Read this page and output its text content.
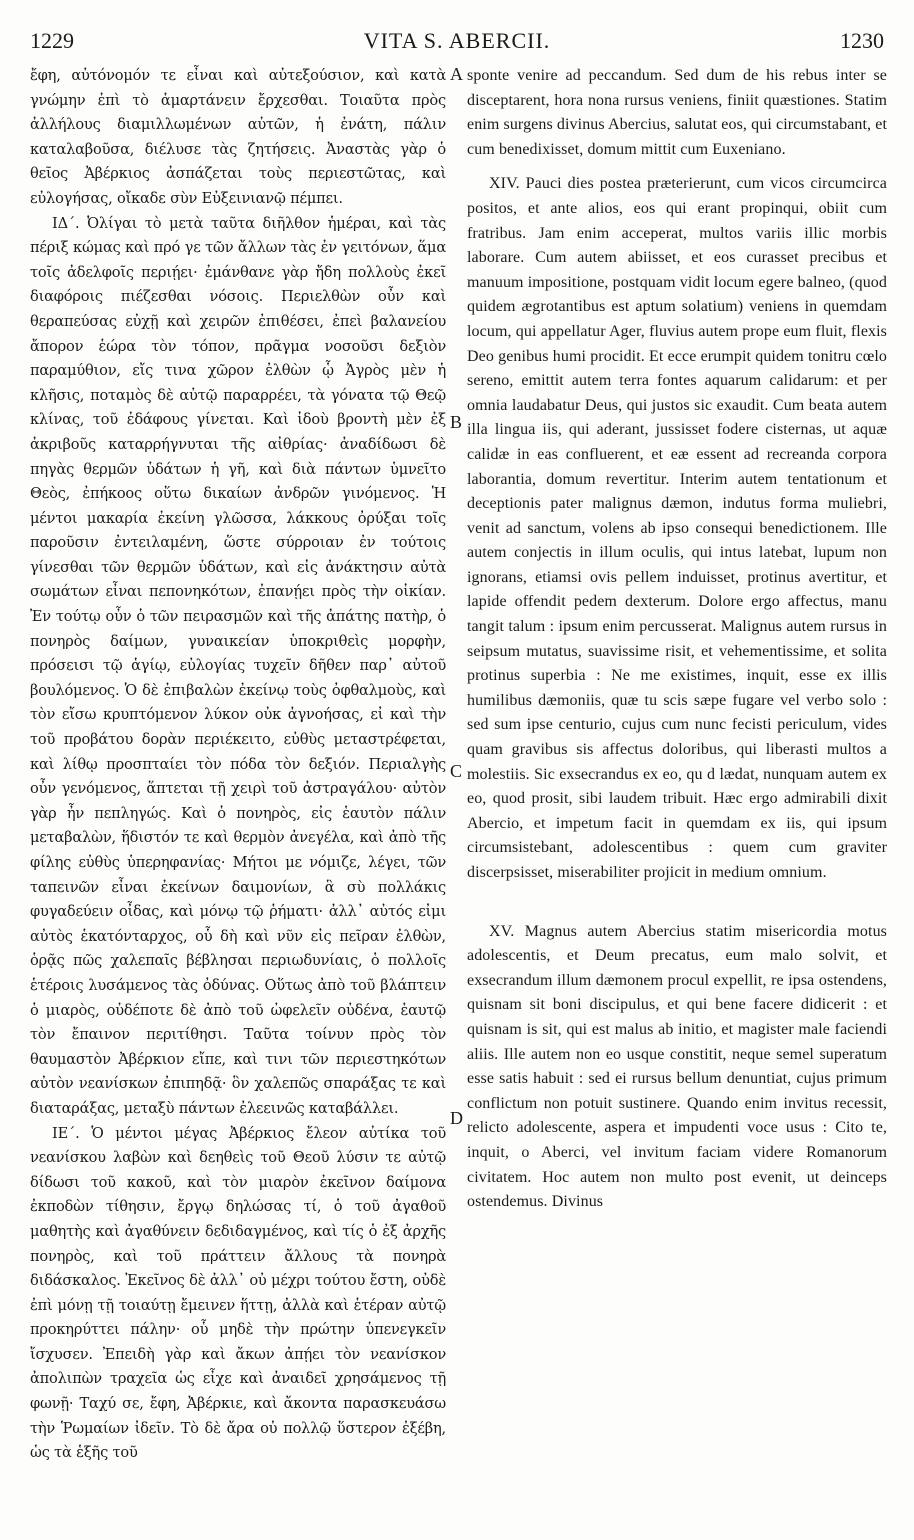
1229	VITA S. ABERCII.	1230
A
B
C
D

ἔφη, αὐτόνομόν τε εἶναι καὶ αὐτεξούσιον, καὶ κατὰ γνώμην ἐπὶ τὸ ἁμαρτάνειν ἔρχεσθαι. Τοιαῦτα πρὸς ἀλλήλους διαμιλλωμένων αὐτῶν, ἡ ἐνάτη, πάλιν καταλαβοῦσα, διέλυσε τὰς ζητήσεις. Ἀναστὰς γὰρ ὁ θεῖος Ἀβέρκιος ἀσπάζεται τοὺς περιεστῶτας, καὶ εὐλογήσας, οἴκαδε σὺν Εὐξεινιανῷ πέμπει.

ΙΔ΄. Ὀλίγαι τὸ μετὰ ταῦτα διῆλθον ἡμέραι, καὶ τὰς πέριξ κώμας καὶ πρό γε τῶν ἄλλων τὰς ἐν γειτόνων, ἅμα τοῖς ἀδελφοῖς περιῄει· ἐμάνθανε γὰρ ἤδη πολλοὺς ἐκεῖ διαφόροις πιέζεσθαι νόσοις. Περιελθὼν οὖν καὶ θεραπεύσας εὐχῇ καὶ χειρῶν ἐπιθέσει, ἐπεὶ βαλανείου ἄπορον ἑώρα τὸν τόπον, πρᾶγμα νοσοῦσι δεξιὸν παραμύθιον, εἴς τινα χῶρον ἐλθὼν ᾧ Ἀγρὸς μὲν ἡ κλῆσις, ποταμὸς δὲ αὐτῷ παραρρέει, τὰ γόνατα τῷ Θεῷ κλίνας, τοῦ ἐδάφους γίνεται. Καὶ ἰδοὺ βροντὴ μὲν ἐξ ἀκριβοῦς καταρρήγνυται τῆς αἰθρίας· ἀναδίδωσι δὲ πηγὰς θερμῶν ὑδάτων ἡ γῆ, καὶ διὰ πάντων ὑμνεῖτο Θεὸς, ἐπήκοος οὕτω δικαίων ἀνδρῶν γινόμενος. Ἡ μέντοι μακαρία ἐκείνη γλῶσσα, λάκκους ὀρύξαι τοῖς παροῦσιν ἐντειλαμένη, ὥστε σύρροιαν ἐν τούτοις γίνεσθαι τῶν θερμῶν ὑδάτων, καὶ εἰς ἀνάκτησιν αὐτὰ σωμάτων εἶναι πεπονηκότων, ἐπανῄει πρὸς τὴν οἰκίαν. Ἐν τούτῳ οὖν ὁ τῶν πειρασμῶν καὶ τῆς ἀπάτης πατὴρ, ὁ πονηρὸς δαίμων, γυναικείαν ὑποκριθεὶς μορφὴν, πρόσεισι τῷ ἁγίῳ, εὐλογίας τυχεῖν δῆθεν παρ᾽ αὐτοῦ βουλόμενος. Ὁ δὲ ἐπιβαλὼν ἐκείνῳ τοὺς ὀφθαλμοὺς, καὶ τὸν εἴσω κρυπτόμενον λύκον οὐκ ἀγνοήσας, εἰ καὶ τὴν τοῦ προβάτου δορὰν περιέκειτο, εὐθὺς μεταστρέφεται, καὶ λίθῳ προσπταίει τὸν πόδα τὸν δεξιόν. Περιαλγὴς οὖν γενόμενος, ἅπτεται τῇ χειρὶ τοῦ ἀστραγάλου· αὐτὸν γὰρ ἦν πεπληγώς. Καὶ ὁ πονηρὸς, εἰς ἑαυτὸν πάλιν μεταβαλὼν, ἥδιστόν τε καὶ θερμὸν ἀνεγέλα, καὶ ἀπὸ τῆς φίλης εὐθὺς ὑπερηφανίας· Μήτοι με νόμιζε, λέγει, τῶν ταπεινῶν εἶναι ἐκείνων δαιμονίων, ἃ σὺ πολλάκις φυγαδεύειν οἶδας, καὶ μόνῳ τῷ ῥήματι· ἀλλ᾽ αὐτός εἰμι αὐτὸς ἑκατόνταρχος, οὗ δὴ καὶ νῦν εἰς πεῖραν ἐλθὼν, ὁρᾷς πῶς χαλεπαῖς βέβλησαι περιωδυνίαις, ὁ πολλοῖς ἑτέροις λυσάμενος τὰς ὀδύνας. Οὕτως ἀπὸ τοῦ βλάπτειν ὁ μιαρὸς, οὐδέποτε δὲ ἀπὸ τοῦ ὠφελεῖν οὐδένα, ἑαυτῷ τὸν ἔπαινον περιτίθησι. Ταῦτα τοίνυν πρὸς τὸν θαυμαστὸν Ἀβέρκιον εἴπε, καὶ τινι τῶν περιεστηκότων αὐτὸν νεανίσκων ἐπιπηδᾷ· ὃν χαλεπῶς σπαράξας τε καὶ διαταράξας, μεταξὺ πάντων ἐλεεινῶς καταβάλλει.

ΙΕ΄. Ὁ μέντοι μέγας Ἀβέρκιος ἔλεον αὐτίκα τοῦ νεανίσκου λαβὼν καὶ δεηθεὶς τοῦ Θεοῦ λύσιν τε αὐτῷ δίδωσι τοῦ κακοῦ, καὶ τὸν μιαρὸν ἐκεῖνον δαίμονα ἐκποδὼν τίθησιν, ἔργῳ δηλώσας τί, ὁ τοῦ ἀγαθοῦ μαθητὴς καὶ ἀγαθύνειν δεδιδαγμένος, καὶ τίς ὁ ἐξ ἀρχῆς πονηρὸς, καὶ τοῦ πράττειν ἄλλους τὰ πονηρὰ διδάσκαλος. Ἐκεῖνος δὲ ἀλλ᾽ οὐ μέχρι τούτου ἔστη, οὐδὲ ἐπὶ μόνῃ τῇ τοιαύτῃ ἔμεινεν ἥττῃ, ἀλλὰ καὶ ἑτέραν αὐτῷ προκηρύττει πάλην· οὗ μηδὲ τὴν πρώτην ὑπενεγκεῖν ἴσχυσεν. Ἐπειδὴ γὰρ καὶ ἄκων ἀπῄει τὸν νεανίσκον ἀπολιπὼν τραχεῖα ὡς εἶχε καὶ ἀναιδεῖ χρησάμενος τῇ φωνῇ· Ταχύ σε, ἔφη, Ἀβέρκιε, καὶ ἄκοντα παρασκευάσω τὴν Ῥωμαίων ἰδεῖν. Τὸ δὲ ἄρα οὐ πολλῷ ὕστερον ἐξέβη, ὡς τὰ ἑξῆς τοῦ

sponte venire ad peccandum. Sed dum de his rebus inter se disceptarent, hora nona rursus veniens, finiit quæstiones. Statim enim surgens divinus Abercius, salutat eos, qui circumstabant, et cum benedixisset, domum mittit cum Euxeniano.

XIV. Pauci dies postea præterierunt, cum vicos circumcirca positos, et ante alios, eos qui erant propinqui, obiit cum fratribus. Jam enim acceperat, multos variis illic morbis laborare. Cum autem abiisset, et eos curasset precibus et manuum impositione, postquam vidit locum egere balneo, (quod quidem ægrotantibus est aptum solatium) veniens in quemdam locum, qui appellatur Ager, fluvius autem prope eum fluit, flexis Deo genibus humi procidit. Et ecce erumpit quidem tonitru cœlo sereno, emittit autem terra fontes aquarum calidarum: et per omnia laudabatur Deus, qui justos sic exaudit. Cum beata autem illa lingua iis, qui aderant, jussisset fodere cisternas, ut aquæ calidæ in eas confluerent, et eæ essent ad recreanda corpora laborantia, domum revertitur. Interim autem tentationum et deceptionis pater malignus dæmon, indutus forma muliebri, venit ad sanctum, volens ab ipso consequi benedictionem. Ille autem conjectis in illum oculis, qui intus latebat, lupum non ignorans, etiamsi ovis pellem induisset, protinus avertitur, et lapide offendit pedem dexterum. Dolore ergo affectus, manu tangit talum : ipsum enim percusserat. Malignus autem rursus in seipsum mutatus, suavissime risit, et vehementissime, et solita protinus superbia : Ne me existimes, inquit, esse ex illis humilibus dæmoniis, quæ tu scis sæpe fugare vel verbo solo : sed sum ipse centurio, cujus cum nunc fecisti periculum, vides quam gravibus sis affectus doloribus, qui liberasti multos a molestiis. Sic exsecrandus ex eo, qu d lædat, nunquam autem ex eo, quod prosit, sibi laudem tribuit. Hæc ergo admirabili dixit Abercio, et impetum facit in quemdam ex iis, qui ipsum circumsistebant, adolescentibus : quem cum graviter discerpsisset, miserabiliter projicit in medium omnium.

XV. Magnus autem Abercius statim misericordia motus adolescentis, et Deum precatus, eum malo solvit, et exsecrandum illum dæmonem procul expellit, re ipsa ostendens, quisnam sit boni discipulus, et qui bene facere didicerit : et quisnam is sit, qui est malus ab initio, et magister male faciendi aliis. Ille autem non eo usque constitit, neque semel superatum esse satis habuit : sed ei rursus bellum denuntiat, cujus primum conflictum non potuit sustinere. Quando enim invitus recessit, relicto adolescente, aspera et impudenti voce usus : Cito te, inquit, o Aberci, vel invitum faciam videre Romanorum civitatem. Hoc autem non multo post evenit, ut deinceps ostendemus. Divinus
